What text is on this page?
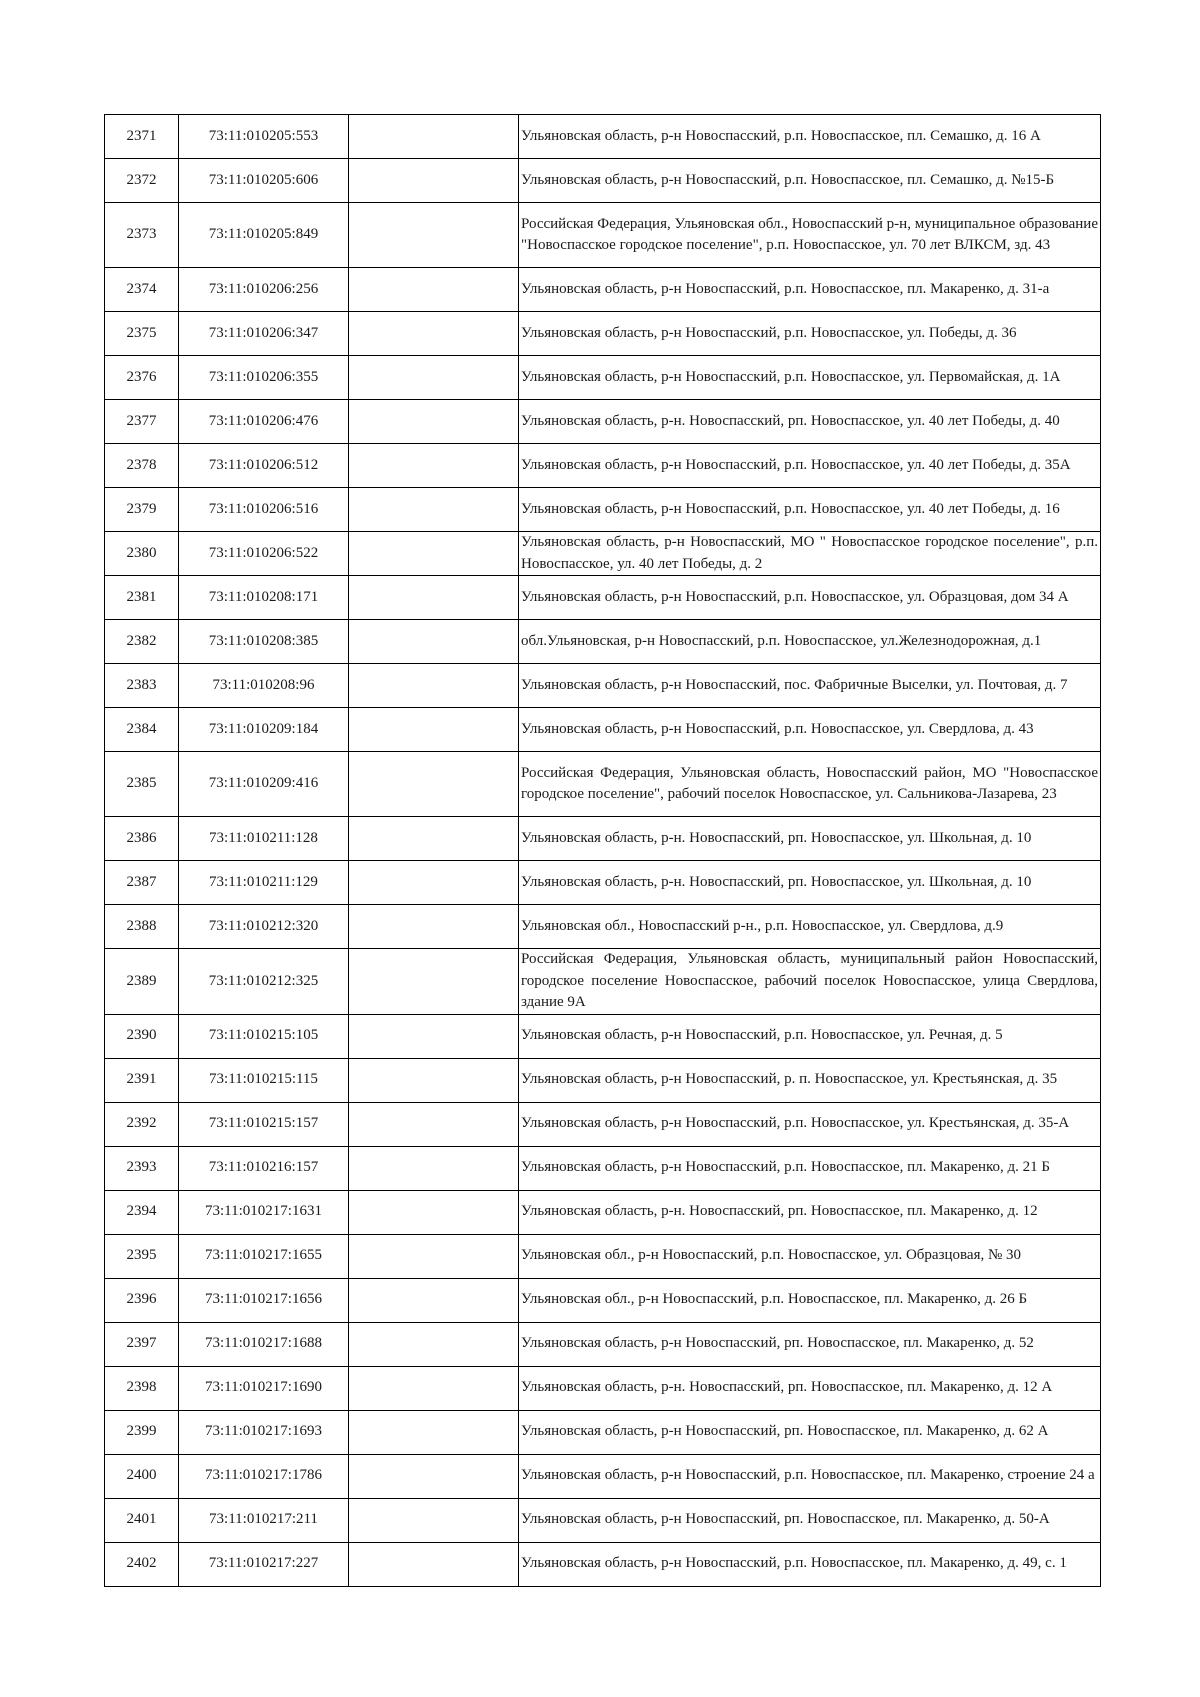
2371	73:11:010205:553		Ульяновская область, р-н Новоспасский, р.п. Новоспасское, пл. Семашко, д. 16 А
2372	73:11:010205:606		Ульяновская область, р-н Новоспасский, р.п. Новоспасское, пл. Семашко, д. №15-Б
2373	73:11:010205:849		Российская Федерация, Ульяновская обл., Новоспасский р-н, муниципальное образование "Новоспасское городское поселение", р.п. Новоспасское, ул. 70 лет ВЛКСМ, зд. 43
2374	73:11:010206:256		Ульяновская область, р-н Новоспасский, р.п. Новоспасское, пл. Макаренко, д. 31-а
2375	73:11:010206:347		Ульяновская область, р-н Новоспасский, р.п. Новоспасское, ул. Победы, д. 36
2376	73:11:010206:355		Ульяновская область, р-н Новоспасский, р.п. Новоспасское, ул. Первомайская, д. 1А
2377	73:11:010206:476		Ульяновская область, р-н. Новоспасский, рп. Новоспасское, ул. 40 лет Победы, д. 40
2378	73:11:010206:512		Ульяновская область, р-н Новоспасский, р.п. Новоспасское, ул. 40 лет Победы, д. 35А
2379	73:11:010206:516		Ульяновская область, р-н Новоспасский, р.п. Новоспасское, ул. 40 лет Победы, д. 16
2380	73:11:010206:522		Ульяновская область, р-н Новоспасский, МО " Новоспасское городское поселение", р.п. Новоспасское, ул. 40 лет Победы, д. 2
2381	73:11:010208:171		Ульяновская область, р-н Новоспасский, р.п. Новоспасское, ул. Образцовая, дом 34 А
2382	73:11:010208:385		обл.Ульяновская, р-н Новоспасский, р.п. Новоспасское, ул.Железнодорожная, д.1
2383	73:11:010208:96		Ульяновская область, р-н Новоспасский, пос. Фабричные Выселки, ул. Почтовая, д. 7
2384	73:11:010209:184		Ульяновская область, р-н Новоспасский, р.п. Новоспасское, ул. Свердлова, д. 43
2385	73:11:010209:416		Российская Федерация, Ульяновская область, Новоспасский район, МО "Новоспасское городское поселение", рабочий поселок Новоспасское, ул. Сальникова-Лазарева, 23
2386	73:11:010211:128		Ульяновская область, р-н. Новоспасский, рп. Новоспасское, ул. Школьная, д. 10
2387	73:11:010211:129		Ульяновская область, р-н. Новоспасский, рп. Новоспасское, ул. Школьная, д. 10
2388	73:11:010212:320		Ульяновская обл., Новоспасский р-н., р.п. Новоспасское, ул. Свердлова, д.9
2389	73:11:010212:325		Российская Федерация, Ульяновская область, муниципальный район Новоспасский, городское поселение Новоспасское, рабочий поселок Новоспасское, улица Свердлова, здание 9А
2390	73:11:010215:105		Ульяновская область, р-н Новоспасский, р.п. Новоспасское, ул. Речная, д. 5
2391	73:11:010215:115		Ульяновская область, р-н Новоспасский, р. п. Новоспасское, ул. Крестьянская, д. 35
2392	73:11:010215:157		Ульяновская область, р-н Новоспасский, р.п. Новоспасское, ул. Крестьянская, д. 35-А
2393	73:11:010216:157		Ульяновская область, р-н Новоспасский, р.п. Новоспасское, пл. Макаренко, д. 21 Б
2394	73:11:010217:1631		Ульяновская область, р-н. Новоспасский, рп. Новоспасское, пл. Макаренко, д. 12
2395	73:11:010217:1655		Ульяновская обл., р-н Новоспасский, р.п. Новоспасское, ул. Образцовая, № 30
2396	73:11:010217:1656		Ульяновская обл., р-н Новоспасский, р.п. Новоспасское, пл. Макаренко, д. 26 Б
2397	73:11:010217:1688		Ульяновская область, р-н Новоспасский, рп. Новоспасское, пл. Макаренко, д. 52
2398	73:11:010217:1690		Ульяновская область, р-н. Новоспасский, рп. Новоспасское, пл. Макаренко, д. 12 А
2399	73:11:010217:1693		Ульяновская область, р-н Новоспасский, рп. Новоспасское, пл. Макаренко, д. 62 А
2400	73:11:010217:1786		Ульяновская область, р-н Новоспасский, р.п. Новоспасское, пл. Макаренко, строение 24 а
2401	73:11:010217:211		Ульяновская область, р-н Новоспасский, рп. Новоспасское, пл. Макаренко, д. 50-А
2402	73:11:010217:227		Ульяновская область, р-н Новоспасский, р.п. Новоспасское, пл. Макаренко, д. 49, с. 1
